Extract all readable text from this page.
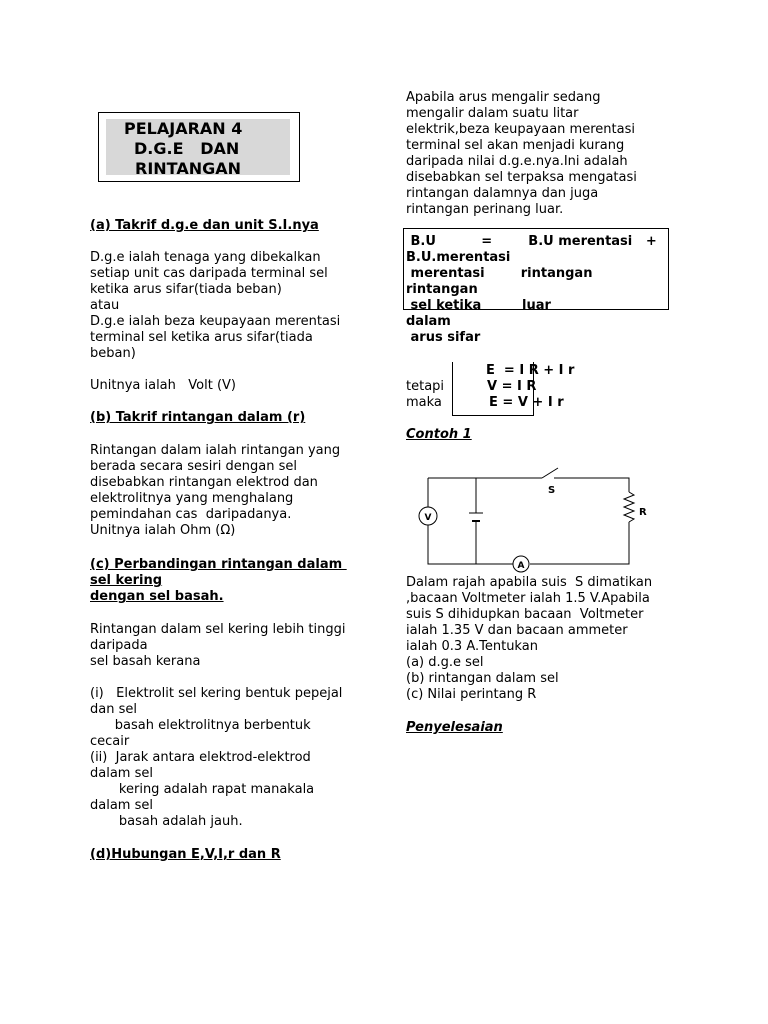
PELAJARAN 4
D.G.E   DAN
RINTANGAN
(a) Takrif d.g.e dan unit S.I.nya
D.g.e ialah tenaga yang dibekalkan
setiap unit cas daripada terminal sel
ketika arus sifar(tiada beban)
atau
D.g.e ialah beza keupayaan merentasi
terminal sel ketika arus sifar(tiada
beban)
Unitnya ialah   Volt (V)
(b) Takrif rintangan dalam (r)
Rintangan dalam ialah rintangan yang
berada secara sesiri dengan sel
disebabkan rintangan elektrod dan
elektrolitnya yang menghalang
pemindahan cas  daripadanya.
Unitnya ialah Ohm (Ω)
(c) Perbandingan rintangan dalam
sel kering
dengan sel basah.
Rintangan dalam sel kering lebih tinggi
daripada
sel basah kerana
(i)   Elektrolit sel kering bentuk pepejal
dan sel
basah elektrolitnya berbentuk
cecair
(ii)  Jarak antara elektrod-elektrod
dalam sel
kering adalah rapat manakala
dalam sel
basah adalah jauh.
(d)Hubungan E,V,I,r dan R
Apabila arus mengalir sedang
mengalir dalam suatu litar
elektrik,beza keupayaan merentasi
terminal sel akan menjadi kurang
daripada nilai d.g.e.nya.Ini adalah
disebabkan sel terpaksa mengatasi
rintangan dalamnya dan juga
rintangan perinang luar.
B.U          =        B.U merentasi   +
B.U.merentasi
merentasi        rintangan
rintangan
sel ketika         luar
dalam
arus sifar
E  = I R + I r
tetapi	V = I R
maka	E = V + I r
Contoh 1
S
R
V
A
Dalam rajah apabila suis  S dimatikan
,bacaan Voltmeter ialah 1.5 V.Apabila
suis S dihidupkan bacaan  Voltmeter
ialah 1.35 V dan bacaan ammeter
ialah 0.3 A.Tentukan
(a) d.g.e sel
(b) rintangan dalam sel
(c) Nilai perintang R
Penyelesaian
